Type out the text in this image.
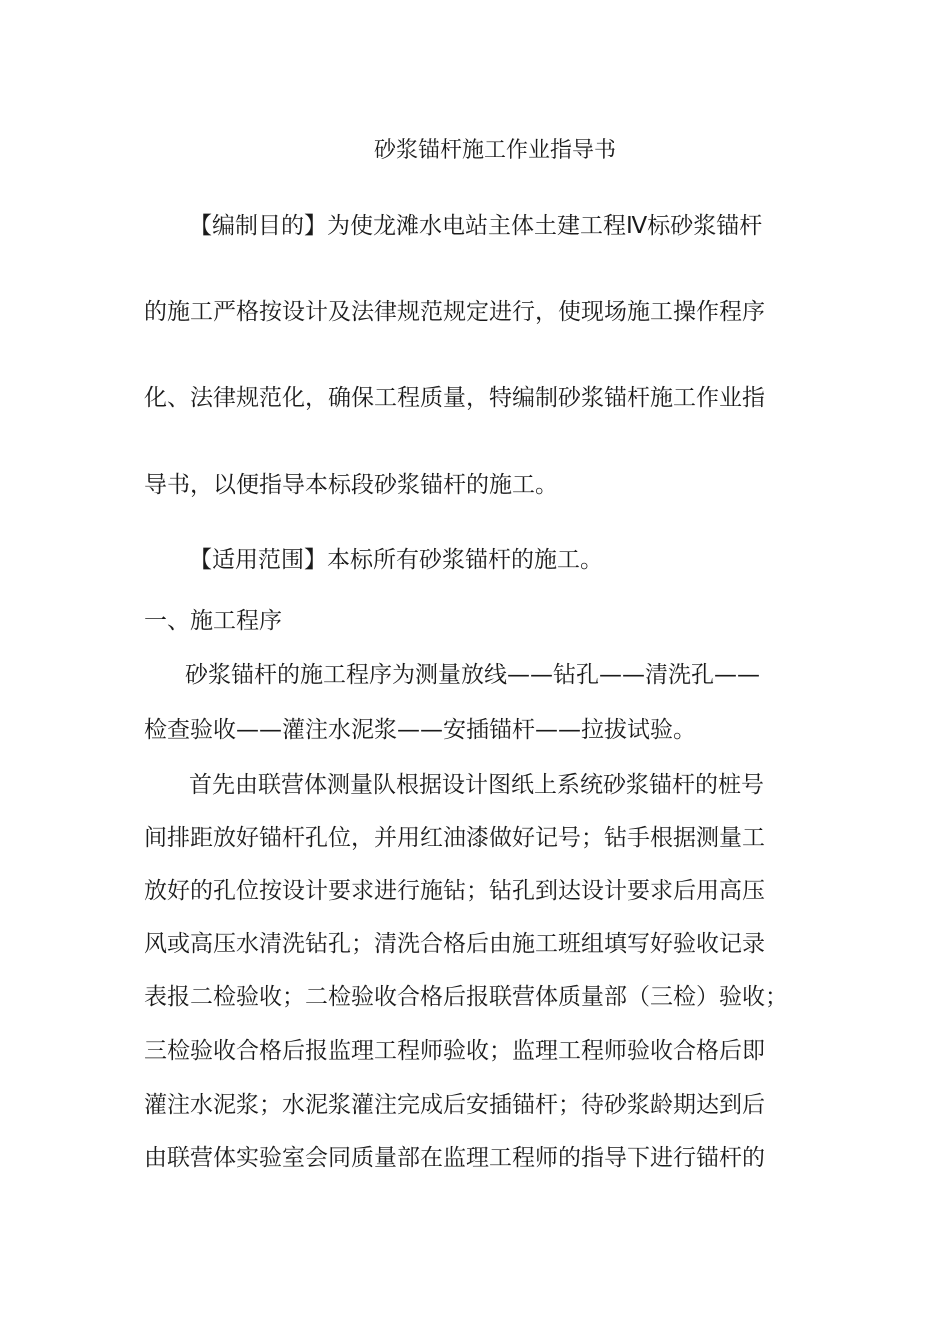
砂浆锚杆施工作业指导书
【编制目的】为使龙滩水电站主体土建工程Ⅳ标砂浆锚杆
的施工严格按设计及法律规范规定进行，使现场施工操作程序
化、法律规范化，确保工程质量，特编制砂浆锚杆施工作业指
导书，以便指导本标段砂浆锚杆的施工。
【适用范围】本标所有砂浆锚杆的施工。
一、施工程序
砂浆锚杆的施工程序为测量放线——钻孔——清洗孔——
检查验收——灌注水泥浆——安插锚杆——拉拔试验。
首先由联营体测量队根据设计图纸上系统砂浆锚杆的桩号
间排距放好锚杆孔位，并用红油漆做好记号；钻手根据测量工
放好的孔位按设计要求进行施钻；钻孔到达设计要求后用高压
风或高压水清洗钻孔；清洗合格后由施工班组填写好验收记录
表报二检验收；二检验收合格后报联营体质量部（三检）验收；
三检验收合格后报监理工程师验收；监理工程师验收合格后即
灌注水泥浆；水泥浆灌注完成后安插锚杆；待砂浆龄期达到后
由联营体实验室会同质量部在监理工程师的指导下进行锚杆的
